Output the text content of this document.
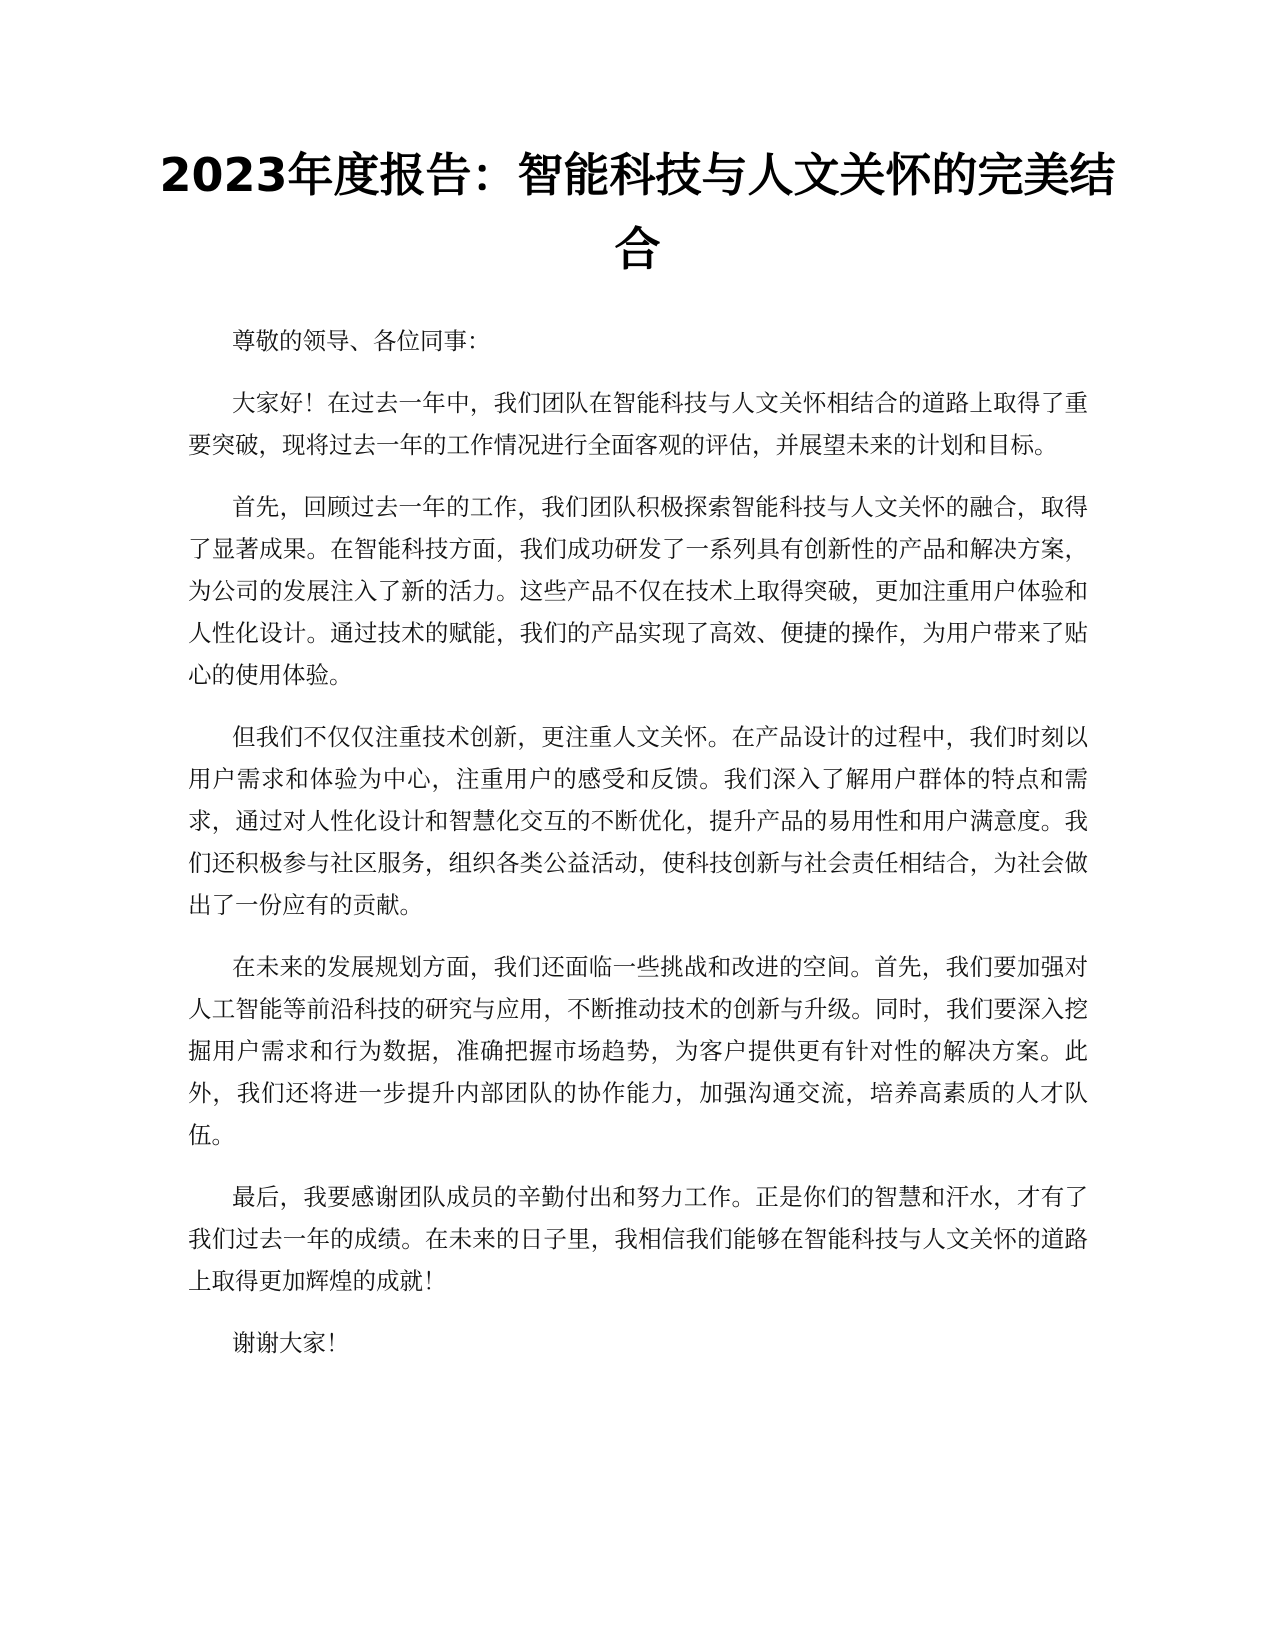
2023年度报告：智能科技与人文关怀的完美结合

尊敬的领导、各位同事：

大家好！在过去一年中，我们团队在智能科技与人文关怀相结合的道路上取得了重要突破，现将过去一年的工作情况进行全面客观的评估，并展望未来的计划和目标。

首先，回顾过去一年的工作，我们团队积极探索智能科技与人文关怀的融合，取得了显著成果。在智能科技方面，我们成功研发了一系列具有创新性的产品和解决方案，为公司的发展注入了新的活力。这些产品不仅在技术上取得突破，更加注重用户体验和人性化设计。通过技术的赋能，我们的产品实现了高效、便捷的操作，为用户带来了贴心的使用体验。

但我们不仅仅注重技术创新，更注重人文关怀。在产品设计的过程中，我们时刻以用户需求和体验为中心，注重用户的感受和反馈。我们深入了解用户群体的特点和需求，通过对人性化设计和智慧化交互的不断优化，提升产品的易用性和用户满意度。我们还积极参与社区服务，组织各类公益活动，使科技创新与社会责任相结合，为社会做出了一份应有的贡献。

在未来的发展规划方面，我们还面临一些挑战和改进的空间。首先，我们要加强对人工智能等前沿科技的研究与应用，不断推动技术的创新与升级。同时，我们要深入挖掘用户需求和行为数据，准确把握市场趋势，为客户提供更有针对性的解决方案。此外，我们还将进一步提升内部团队的协作能力，加强沟通交流，培养高素质的人才队伍。

最后，我要感谢团队成员的辛勤付出和努力工作。正是你们的智慧和汗水，才有了我们过去一年的成绩。在未来的日子里，我相信我们能够在智能科技与人文关怀的道路上取得更加辉煌的成就！

谢谢大家！
